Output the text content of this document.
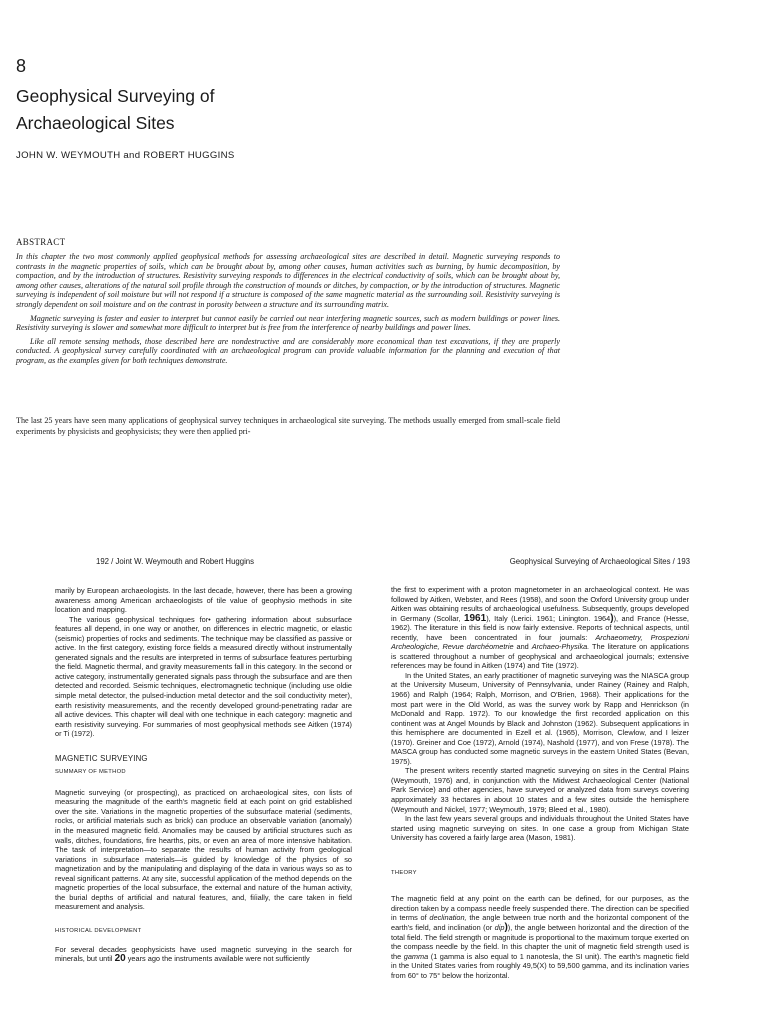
8
Geophysical Surveying of
Archaeological Sites
JOHN W. WEYMOUTH and ROBERT HUGGINS
ABSTRACT

In this chapter the two most commonly applied geophysical methods for assessing archaeological sites are described in detail. Magnetic surveying responds to contrasts in the magnetic properties of soils, which can be brought about by, among other causes, human activities such as burning, by humic decomposition, by compaction, and by the introduction of structures. Resistivity surveying responds to differences in the electrical conductivity of soils, which can be brought about by, among other causes, alterations of the natural soil profile through the construction of mounds or ditches, by compaction, or by the introduction of structures. Magnetic surveying is independent of soil moisture but will not respond if a structure is composed of the same magnetic material as the surrounding soil. Resistivity surveying is strongly dependent on soil moisture and on the contrast in porosity between a structure and its surrounding matrix.

Magnetic surveying is faster and easier to interpret but cannot easily be carried out near interfering magnetic sources, such as modern buildings or power lines. Resistivity surveying is slower and somewhat more difficult to interpret but is free from the interference of nearby buildings and power lines.

Like all remote sensing methods, those described here are nondestructive and are considerably more economical than test excavations, if they are properly conducted. A geophysical survey carefully coordinated with an archaeological program can provide valuable information for the planning and execution of that program, as the examples given for both techniques demonstrate.

The last 25 years have seen many applications of geophysical survey techniques in archaeological site surveying. The methods usually emerged from small-scale field experiments by physicists and geophysicists; they were then applied pri-
192 / Joint W. Weymouth and Robert Huggins	Geophysical Surveying of Archaeological Sites / 193

marily by European archaeologists. In the last decade, however, there has been a growing awareness among American archaeologists of tile value of geophysio methods in site location and mapping.

The various geophysical techniques for• gathering information about subsurface features all depend, in one way or another, on differences in electric magnetic, or elastic (seismic) properties of rocks and sediments. The technique may be classified as passive or active. In the first category, existing force fields a measured directly without instrumentally generated signals and the results are interpreted in terms of subsurface features perturbing the field. Magnetic thermal, and gravity measurements fall in this category. In the second or active category, instrumentally generated signals pass through the subsurface and are then detected and recorded. Seismic techniques, electromagnetic technique (including use oldie simple metal detector, the pulsed-induction metal detector and the soil conductivity meter), earth resistivity measurements, and the recently developed ground-penetrating radar are all active devices. This chapter will deal with one technique in each category: magnetic and earth resistivity surveying. For summaries of most geophysical methods see Aitken (1974) or Ti (1972).

MAGNETIC SURVEYING

SUMMARY OF METHOD

Magnetic surveying (or prospecting), as practiced on archaeological sites, con lists of measuring the magnitude of the earth's magnetic field at each point on grid established over the site. Variations in the magnetic properties of the subsurface material (sediments, rocks, or artificial materials such as brick) can produce an observable variation (anomaly) in the measured magnetic field. Anomalies may be caused by artificial structures such as walls, ditches, foundations, fire hearths, pits, or even an area of more intensive habitation. The task of interpretation—to separate the results of human activity from geological variations in subsurface materials—is guided by knowledge of the physics of so magnetization and by the manipulating and displaying of the data in various ways so as to reveal significant patterns. At any site, successful application of the method depends on the magnetic properties of the local subsurface, the external and nature of the human activity, the burial depths of artificial and natural features, and, fiíially, the care taken in field measurement and analysis.

HISTORICAL DEVELOPMENT

For several decades geophysicists have used magnetic surveying in the search for minerals, but until 20 years ago the instruments available were not sufficiently

the first to experiment with a proton magnetometer in an archaeological context. He was followed by Aitken, Webster, and Rees (1958), and soon the Oxford University group under Aitken was obtaining results of archaeological usefulness. Subsequently, groups developed in Germany (Scollar, 1961), Italy (Lerici. 1961; Linington. 1964)), and France (Hesse, 1962). The literature in this field is now fairly extensive. Reports of technical aspects, until recently, have been concentrated in four journals: Archaeometry, Prospezioni Archeologiche, Revue darchéometrie and Archaeo-Physika. The literature on applications is scattered throughout a number of geophysical and archaeological journals; extensive references may be found in Aitken (1974) and Tite (1972).

In the United States, an early practitioner of magnetic surveying was the NIASCA group at the University Museum, University of Pennsylvania, under Rainey (Rainey and Ralph, 1966) and Ralph (1964; Ralph, Morrison, and O'Brien, 1968). Their applications for the most part were in the Old World, as was the survey work by Rapp and Henrickson (in McDonald and Rapp. 1972). To our knowledge the first recorded application on this continent was at Angel Mounds by Black and Johnston (1962). Subsequent applications in this hemisphere are documented in Ezell et al. (1965), Morrison, Clewlow, and I leizer (1970). Greiner and Coe (1972), Arnold (1974), Nashold (1977), and von Frese (1978). The MASCA group has conducted some magnetic surveys in the eastern United States (Bevan, 1975).

The present writers recently started magnetic surveying on sites in the Central Plains (Weymouth, 1976) and, in conjunction with the Midwest Archaeological Center (National Park Service) and other agencies, have surveyed or analyzed data from surveys covering approximately 33 hectares in about 10 states and a few sites outside the hemisphere (Weymouth and Nickel, 1977; Weymouth, 1979; Bleed et al., 1980).

In the last few years several groups and individuals throughout the United States have started using magnetic surveying on sites. In one case a group from Michigan State University has covered a fairly large area (Mason, 1981).

THEORY

The magnetic field at any point on the earth can be defined, for our purposes, as the direction taken by a compass needle freely suspended there. The direction can be specified in terms of declination, the angle between true north and the horizontal component of the earth's field, and inclination (or dip)), the angle between horizontal and the direction of the total field. The field strength or magnitude is proportional to the maximum torque exerted on the compass needle by the field. In this chapter the unit of magnetic field strength used is the gamma (1 gamma is also equal to 1 nanotesla, the SI unit). The earth's magnetic field in the United States varies from roughly 49,5(X) to 59,500 gamma, and its inclination varies from 60° to 75° below the horizontal.
